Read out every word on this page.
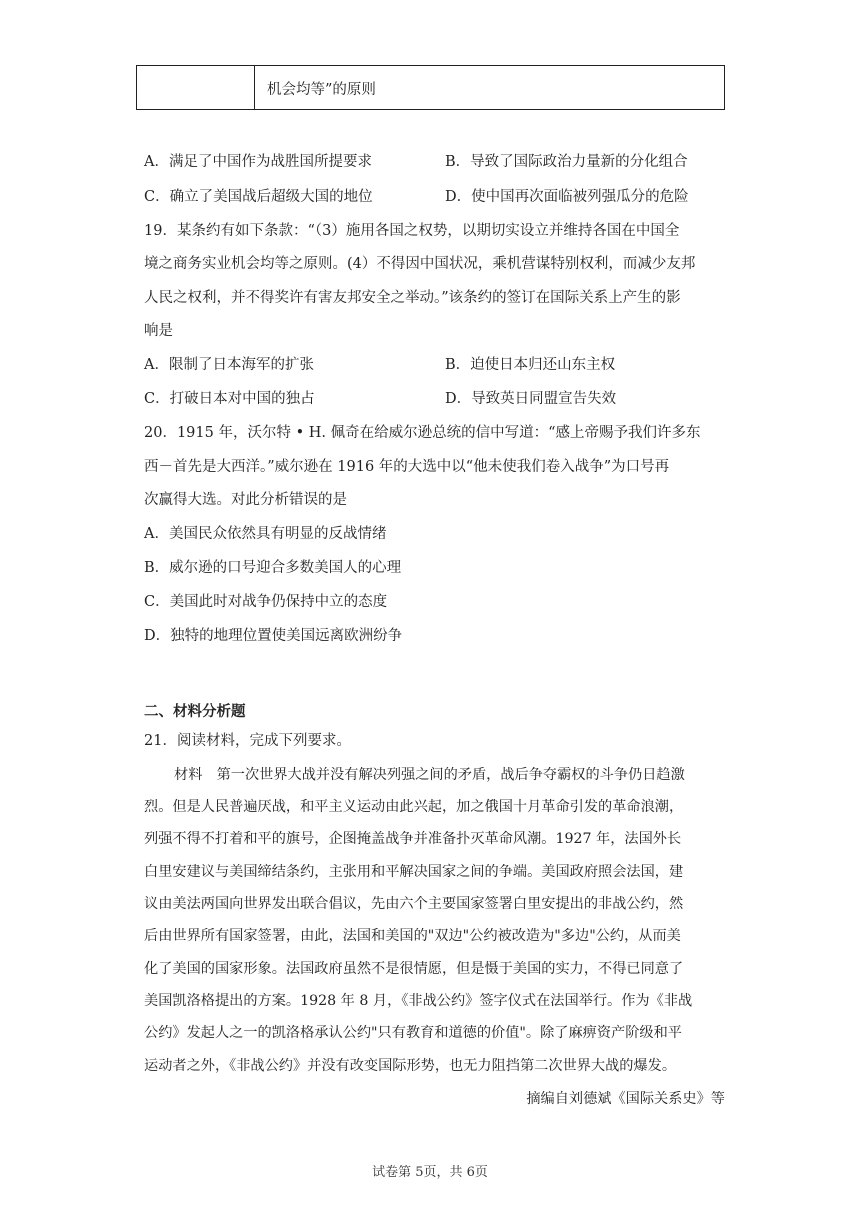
机会均等”的原则
A．满足了中国作为战胜国所提要求	B．导致了国际政治力量新的分化组合
C．确立了美国战后超级大国的地位	D．使中国再次面临被列强瓜分的危险
19．某条约有如下条款：“（3）施用各国之权势，以期切实设立并维持各国在中国全
境之商务实业机会均等之原则。(4）不得因中国状况，乘机营谋特别权利，而减少友邦
人民之权利，并不得奖许有害友邦安全之举动。”该条约的签订在国际关系上产生的影
响是
A．限制了日本海军的扩张	B．迫使日本归还山东主权
C．打破日本对中国的独占	D．导致英日同盟宣告失效
20．1915 年，沃尔特 • H. 佩奇在给威尔逊总统的信中写道：“感上帝赐予我们许多东
西－首先是大西洋。”威尔逊在 1916 年的大选中以“他未使我们卷入战争”为口号再
次赢得大选。对此分析错误的是
A．美国民众依然具有明显的反战情绪
B．威尔逊的口号迎合多数美国人的心理
C．美国此时对战争仍保持中立的态度
D．独特的地理位置使美国远离欧洲纷争
二、材料分析题
21．阅读材料，完成下列要求。
材料　第一次世界大战并没有解决列强之间的矛盾，战后争夺霸权的斗争仍日趋激
烈。但是人民普遍厌战，和平主义运动由此兴起，加之俄国十月革命引发的革命浪潮，
列强不得不打着和平的旗号，企图掩盖战争并准备扑灭革命风潮。1927 年，法国外长
白里安建议与美国缔结条约，主张用和平解决国家之间的争端。美国政府照会法国，建
议由美法两国向世界发出联合倡议，先由六个主要国家签署白里安提出的非战公约，然
后由世界所有国家签署，由此，法国和美国的"双边"公约被改造为"多边"公约，从而美
化了美国的国家形象。法国政府虽然不是很情愿，但是慑于美国的实力，不得已同意了
美国凯洛格提出的方案。1928 年 8 月，《非战公约》签字仪式在法国举行。作为《非战
公约》发起人之一的凯洛格承认公约"只有教育和道德的价值"。除了麻痹资产阶级和平
运动者之外，《非战公约》并没有改变国际形势，也无力阻挡第二次世界大战的爆发。
摘编自刘德斌《国际关系史》等
试卷第 5页，共 6页
